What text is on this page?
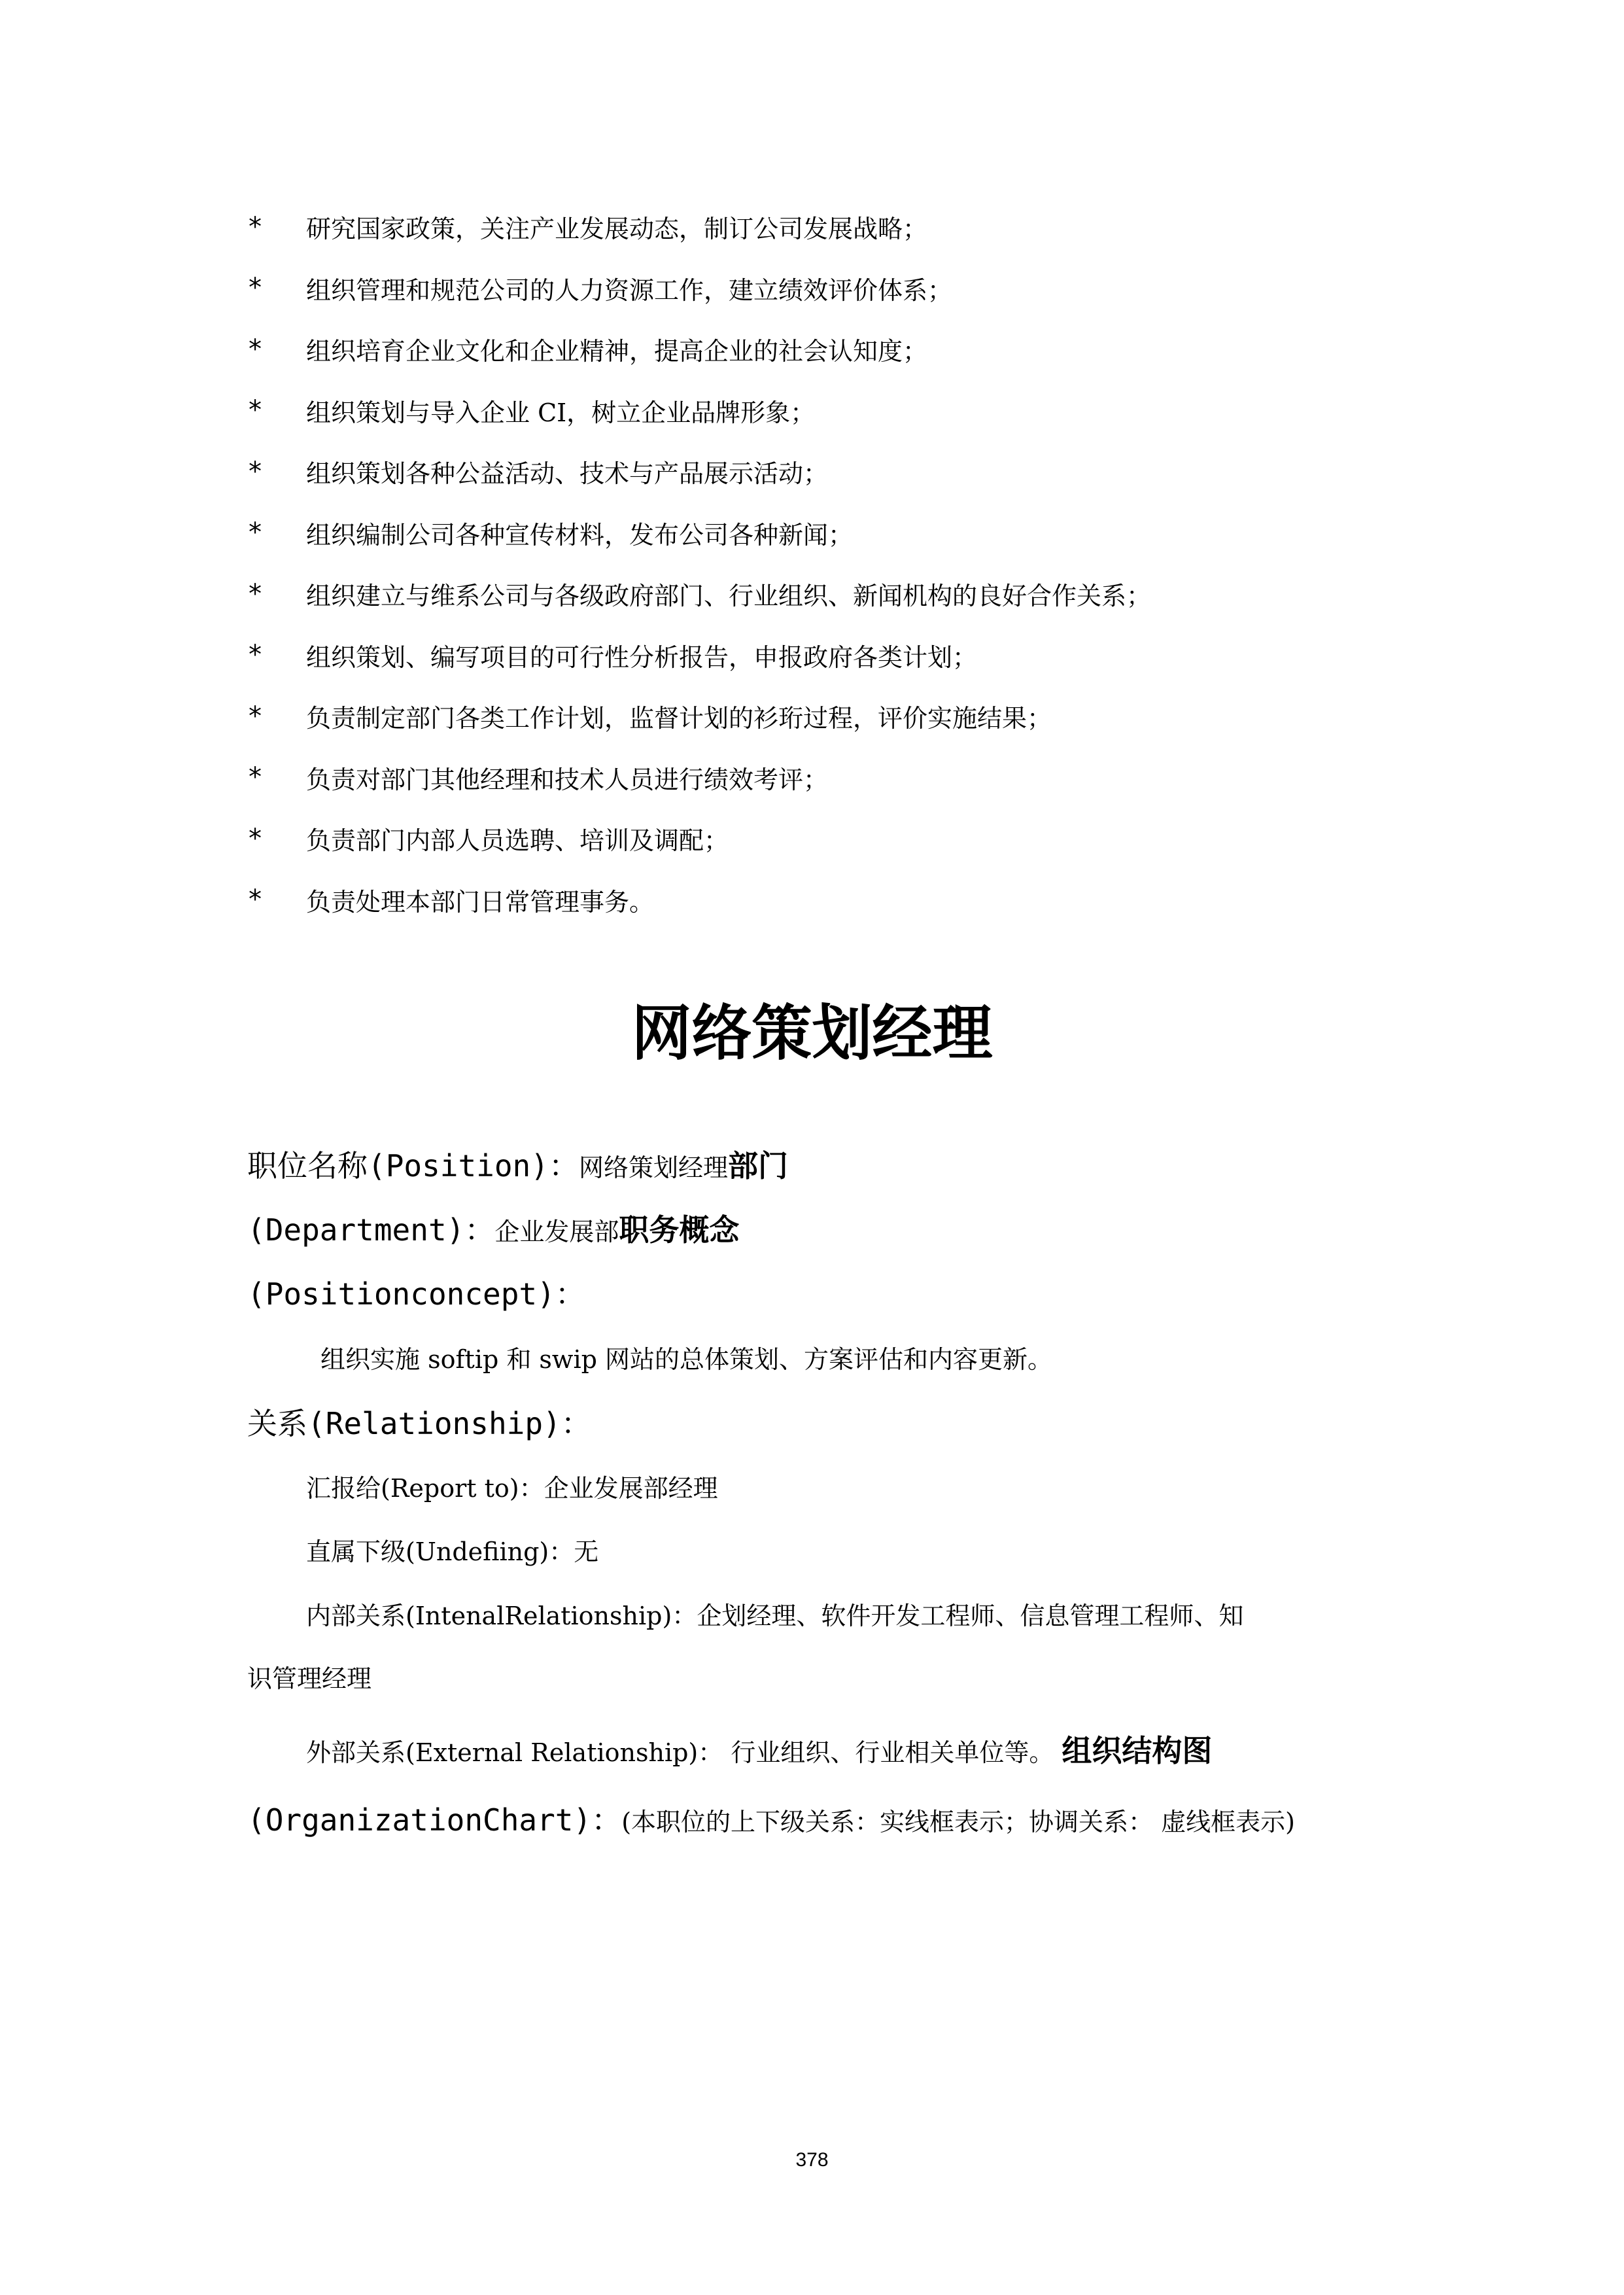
*	研究国家政策，关注产业发展动态，制订公司发展战略；
*	组织管理和规范公司的人力资源工作，建立绩效评价体系；
*	组织培育企业文化和企业精神，提高企业的社会认知度；
*	组织策划与导入企业 CI，树立企业品牌形象；
*	组织策划各种公益活动、技术与产品展示活动；
*	组织编制公司各种宣传材料，发布公司各种新闻；
*	组织建立与维系公司与各级政府部门、行业组织、新闻机构的良好合作关系；
*	组织策划、编写项目的可行性分析报告，申报政府各类计划；
*	负责制定部门各类工作计划，监督计划的衫珩过程，评价实施结果；
*	负责对部门其他经理和技术人员进行绩效考评；
*	负责部门内部人员选聘、培训及调配；
*	负责处理本部门日常管理事务。
网络策划经理
职位名称(Position)：网络策划经理部门
(Department)：企业发展部职务概念
(Positionconcept)：
组织实施 softip 和 swip 网站的总体策划、方案评估和内容更新。
关系(Relationship)：
汇报给(Report to)：企业发展部经理
直属下级(Undefiing)：无
内部关系(IntenalRelationship)：企划经理、软件开发工程师、信息管理工程师、知
识管理经理
外部关系(External Relationship)： 行业组织、行业相关单位等。 组织结构图
(OrganizationChart)：(本职位的上下级关系：实线框表示；协调关系： 虚线框表示)
378
